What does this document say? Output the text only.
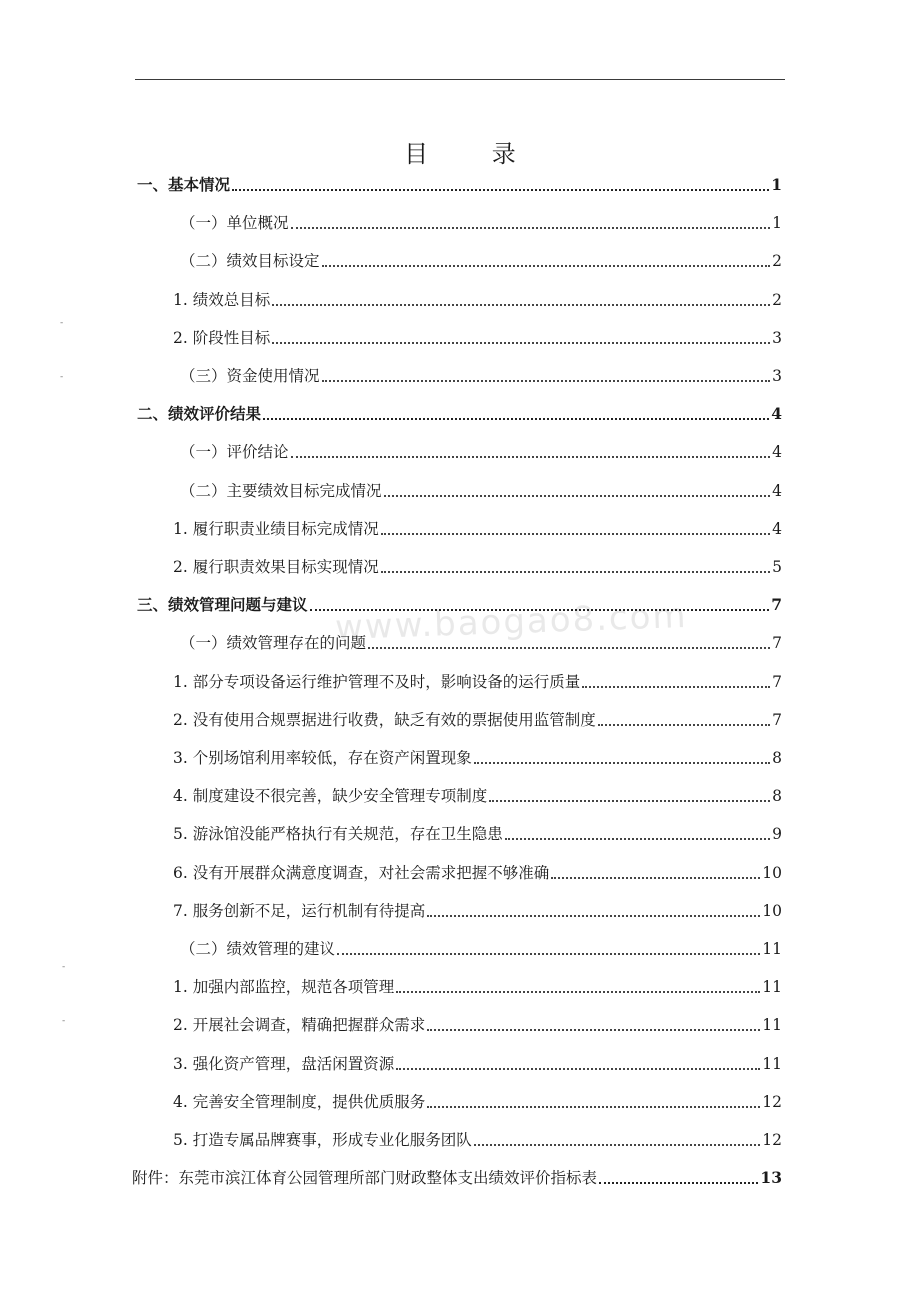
-
-
-
-
目 录
www.baogao8.com
一、基本情况	1
（一）单位概况	1
（二）绩效目标设定	2
1. 绩效总目标	2
2. 阶段性目标	3
（三）资金使用情况	3
二、绩效评价结果	4
（一）评价结论	4
（二）主要绩效目标完成情况	4
1. 履行职责业绩目标完成情况	4
2. 履行职责效果目标实现情况	5
三、绩效管理问题与建议	7
（一）绩效管理存在的问题	7
1. 部分专项设备运行维护管理不及时，影响设备的运行质量	7
2. 没有使用合规票据进行收费，缺乏有效的票据使用监管制度	7
3. 个别场馆利用率较低，存在资产闲置现象	8
4. 制度建设不很完善，缺少安全管理专项制度	8
5. 游泳馆没能严格执行有关规范，存在卫生隐患	9
6. 没有开展群众满意度调查，对社会需求把握不够准确	10
7. 服务创新不足，运行机制有待提高	10
（二）绩效管理的建议	11
1. 加强内部监控，规范各项管理	11
2. 开展社会调查，精确把握群众需求	11
3. 强化资产管理，盘活闲置资源	11
4. 完善安全管理制度，提供优质服务	12
5. 打造专属品牌赛事，形成专业化服务团队	12
附件：东莞市滨江体育公园管理所部门财政整体支出绩效评价指标表	13
